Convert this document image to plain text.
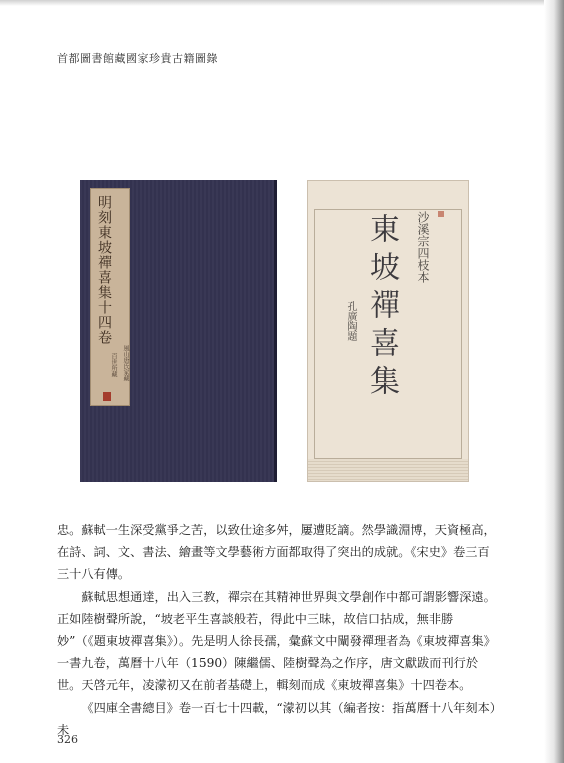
首都圖書館藏國家珍貴古籍圖錄
明刻東坡禪喜集十四卷
風山唐氏家藏
百世所藏
沙溪宗四枝本
東坡禪喜集
孔廣陶題

忠。蘇軾一生深受黨爭之苦，以致仕途多舛，屢遭貶謫。然學識淵博，天資極高，在詩、詞、文、書法、繪畫等文學藝術方面都取得了突出的成就。《宋史》卷三百三十八有傳。

蘇軾思想通達，出入三教，禪宗在其精神世界與文學創作中都可謂影響深遠。正如陸樹聲所說，“坡老平生喜談般若，得此中三昧，故信口拈成，無非勝妙”（《題東坡禪喜集》）。先是明人徐長孺，彙蘇文中闡發禪理者為《東坡禪喜集》一書九卷，萬曆十八年（1590）陳繼儒、陸樹聲為之作序，唐文獻跋而刊行於世。天啓元年，凌濛初又在前者基礎上，輯刻而成《東坡禪喜集》十四卷本。

《四庫全書總目》卷一百七十四載，“濛初以其（編者按：指萬曆十八年刻本）未

326
